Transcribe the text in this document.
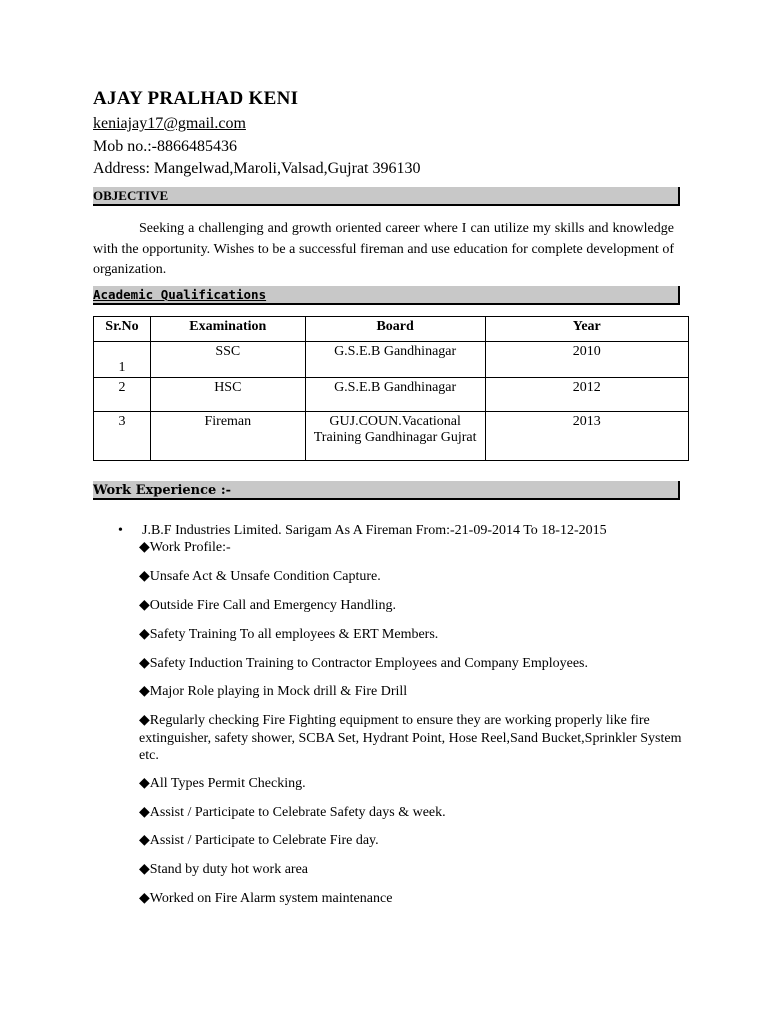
AJAY PRALHAD KENI
keniajay17@gmail.com
Mob no.:-8866485436
Address: Mangelwad,Maroli,Valsad,Gujrat 396130
OBJECTIVE
Seeking a challenging and growth oriented career where I can utilize my skills and knowledge with the opportunity. Wishes to be a successful fireman and use education for complete development of organization.
Academic Qualifications
Sr.No	Examination	Board	Year
1	SSC	G.S.E.B Gandhinagar	2010
2	HSC	G.S.E.B Gandhinagar	2012
3	Fireman	GUJ.COUN.Vacational Training Gandhinagar Gujrat	2013
Work Experience :-
• J.B.F Industries Limited. Sarigam As A Fireman From:-21-09-2014 To 18-12-2015
◆Work Profile:-
◆Unsafe Act & Unsafe Condition Capture.
◆Outside Fire Call and Emergency Handling.
◆Safety Training To all employees & ERT Members.
◆Safety Induction Training to Contractor Employees and Company Employees.
◆Major Role playing in Mock drill & Fire Drill
◆Regularly checking Fire Fighting equipment to ensure they are working properly like fire extinguisher, safety shower, SCBA Set, Hydrant Point, Hose Reel,Sand Bucket,Sprinkler System etc.
◆All Types Permit Checking.
◆Assist / Participate to Celebrate Safety days & week.
◆Assist / Participate to Celebrate Fire day.
◆Stand by duty hot work area
◆Worked on Fire Alarm system maintenance
